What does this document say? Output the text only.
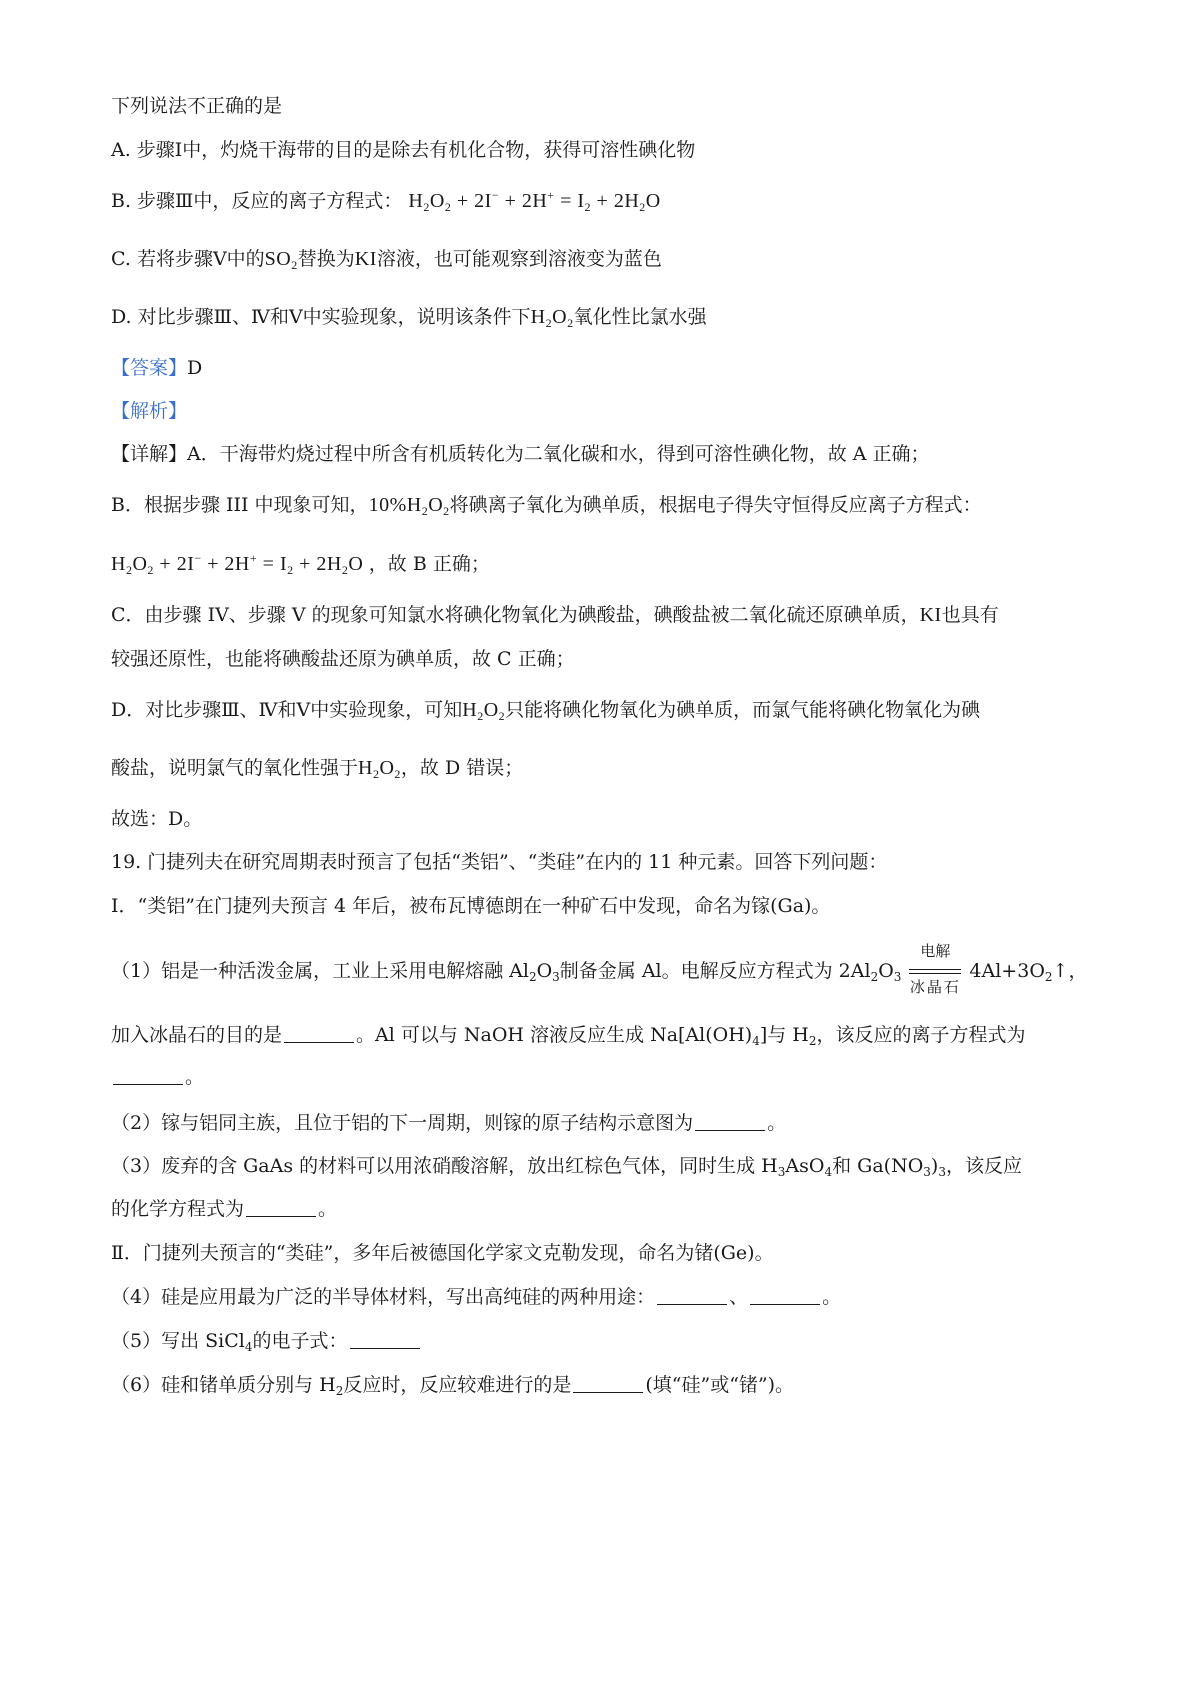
下列说法不正确的是
A. 步骤Ⅰ中，灼烧干海带的目的是除去有机化合物，获得可溶性碘化物
B. 步骤Ⅲ中，反应的离子方程式： $H_2O_2 + 2I^- + 2H^+ = I_2 + 2H_2O$
C. 若将步骤Ⅴ中的$SO_2$替换为KI溶液，也可能观察到溶液变为蓝色
D. 对比步骤Ⅲ、Ⅳ和Ⅴ中实验现象，说明该条件下$H_2O_2$氧化性比氯水强
【答案】D
【解析】
【详解】A．干海带灼烧过程中所含有机质转化为二氧化碳和水，得到可溶性碘化物，故 A 正确；
B．根据步骤 III 中现象可知，$10\%H_2O_2$将碘离子氧化为碘单质，根据电子得失守恒得反应离子方程式：
$H_2O_2 + 2I^- + 2H^+ = I_2 + 2H_2O$ ，故 B 正确；
C．由步骤 IV、步骤 V 的现象可知氯水将碘化物氧化为碘酸盐，碘酸盐被二氧化硫还原碘单质，KI也具有
较强还原性，也能将碘酸盐还原为碘单质，故 C 正确；
D．对比步骤Ⅲ、Ⅳ和Ⅴ中实验现象，可知$H_2O_2$只能将碘化物氧化为碘单质，而氯气能将碘化物氧化为碘
酸盐，说明氯气的氧化性强于$H_2O_2$，故 D 错误；
故选：D。
19. 门捷列夫在研究周期表时预言了包括“类铝”、“类硅”在内的 11 种元素。回答下列问题：
Ⅰ．“类铝”在门捷列夫预言 4 年后，被布瓦博德朗在一种矿石中发现，命名为镓(Ga)。
（1）铝是一种活泼金属，工业上采用电解熔融 $Al_2O_3$制备金属 Al。电解反应方程式为 $2Al_2O_3$
电解
冰晶石
$4Al+3O_2↑$，
加入冰晶石的目的是	。Al 可以与 NaOH 溶液反应生成 $Na[Al(OH)_4]$与 $H_2$，该反应的离子方程式为
。
（2）镓与铝同主族，且位于铝的下一周期，则镓的原子结构示意图为	。
（3）废弃的含 GaAs 的材料可以用浓硝酸溶解，放出红棕色气体，同时生成 $H_3AsO_4$和 $Ga(NO_3)_3$，该反应
的化学方程式为	。
Ⅱ．门捷列夫预言的“类硅”，多年后被德国化学家文克勒发现，命名为锗(Ge)。
（4）硅是应用最为广泛的半导体材料，写出高纯硅的两种用途：	、	。
（5）写出 SiCl$_4$的电子式：
（6）硅和锗单质分别与 $H_2$反应时，反应较难进行的是	(填“硅”或“锗”)。
